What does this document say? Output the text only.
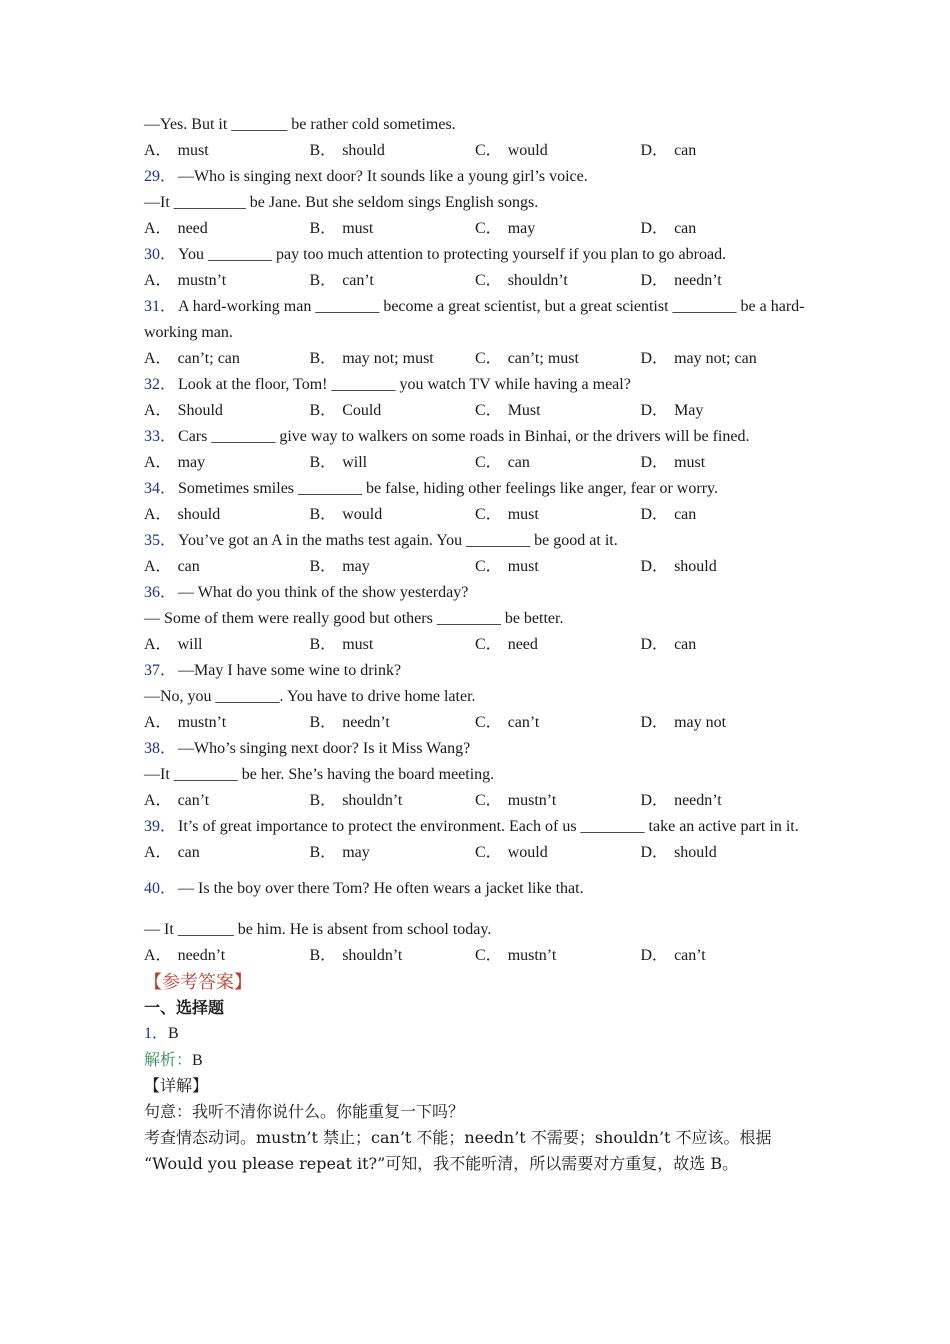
—Yes. But it _______ be rather cold sometimes.
A． must	B． should	C． would	D． can
29． —Who is singing next door? It sounds like a young girl’s voice.
—It _________ be Jane. But she seldom sings English songs.
A． need	B． must	C． may	D． can
30． You ________ pay too much attention to protecting yourself if you plan to go abroad.
A． mustn’t	B． can’t	C． shouldn’t	D． needn’t
31． A hard-working man ________ become a great scientist, but a great scientist ________ be a hard-working man.
A． can’t; can	B． may not; must	C． can’t; must	D． may not; can
32． Look at the floor, Tom! ________ you watch TV while having a meal?
A． Should	B． Could	C． Must	D． May
33． Cars ________ give way to walkers on some roads in Binhai, or the drivers will be fined.
A． may	B． will	C． can	D． must
34． Sometimes smiles ________ be false, hiding other feelings like anger, fear or worry.
A． should	B． would	C． must	D． can
35． You’ve got an A in the maths test again. You ________ be good at it.
A． can	B． may	C． must	D． should
36． — What do you think of the show yesterday?
— Some of them were really good but others ________ be better.
A． will	B． must	C． need	D． can
37． —May I have some wine to drink?
—No, you ________. You have to drive home later.
A． mustn’t	B． needn’t	C． can’t	D． may not
38． —Who’s singing next door? Is it Miss Wang?
—It ________ be her. She’s having the board meeting.
A． can’t	B． shouldn’t	C． mustn’t	D． needn’t
39． It’s of great importance to protect the environment. Each of us ________ take an active part in it.
A． can	B． may	C． would	D． should
40． — Is the boy over there Tom? He often wears a jacket like that.
— It _______ be him. He is absent from school today.
A． needn’t	B． shouldn’t	C． mustn’t	D． can’t
【参考答案】
一、选择题
1．B
解析：B
【详解】
句意：我听不清你说什么。你能重复一下吗？
考查情态动词。mustn’t 禁止；can’t 不能；needn’t 不需要；shouldn’t 不应该。根据 “Would you please repeat it?”可知，我不能听清，所以需要对方重复，故选 B。
